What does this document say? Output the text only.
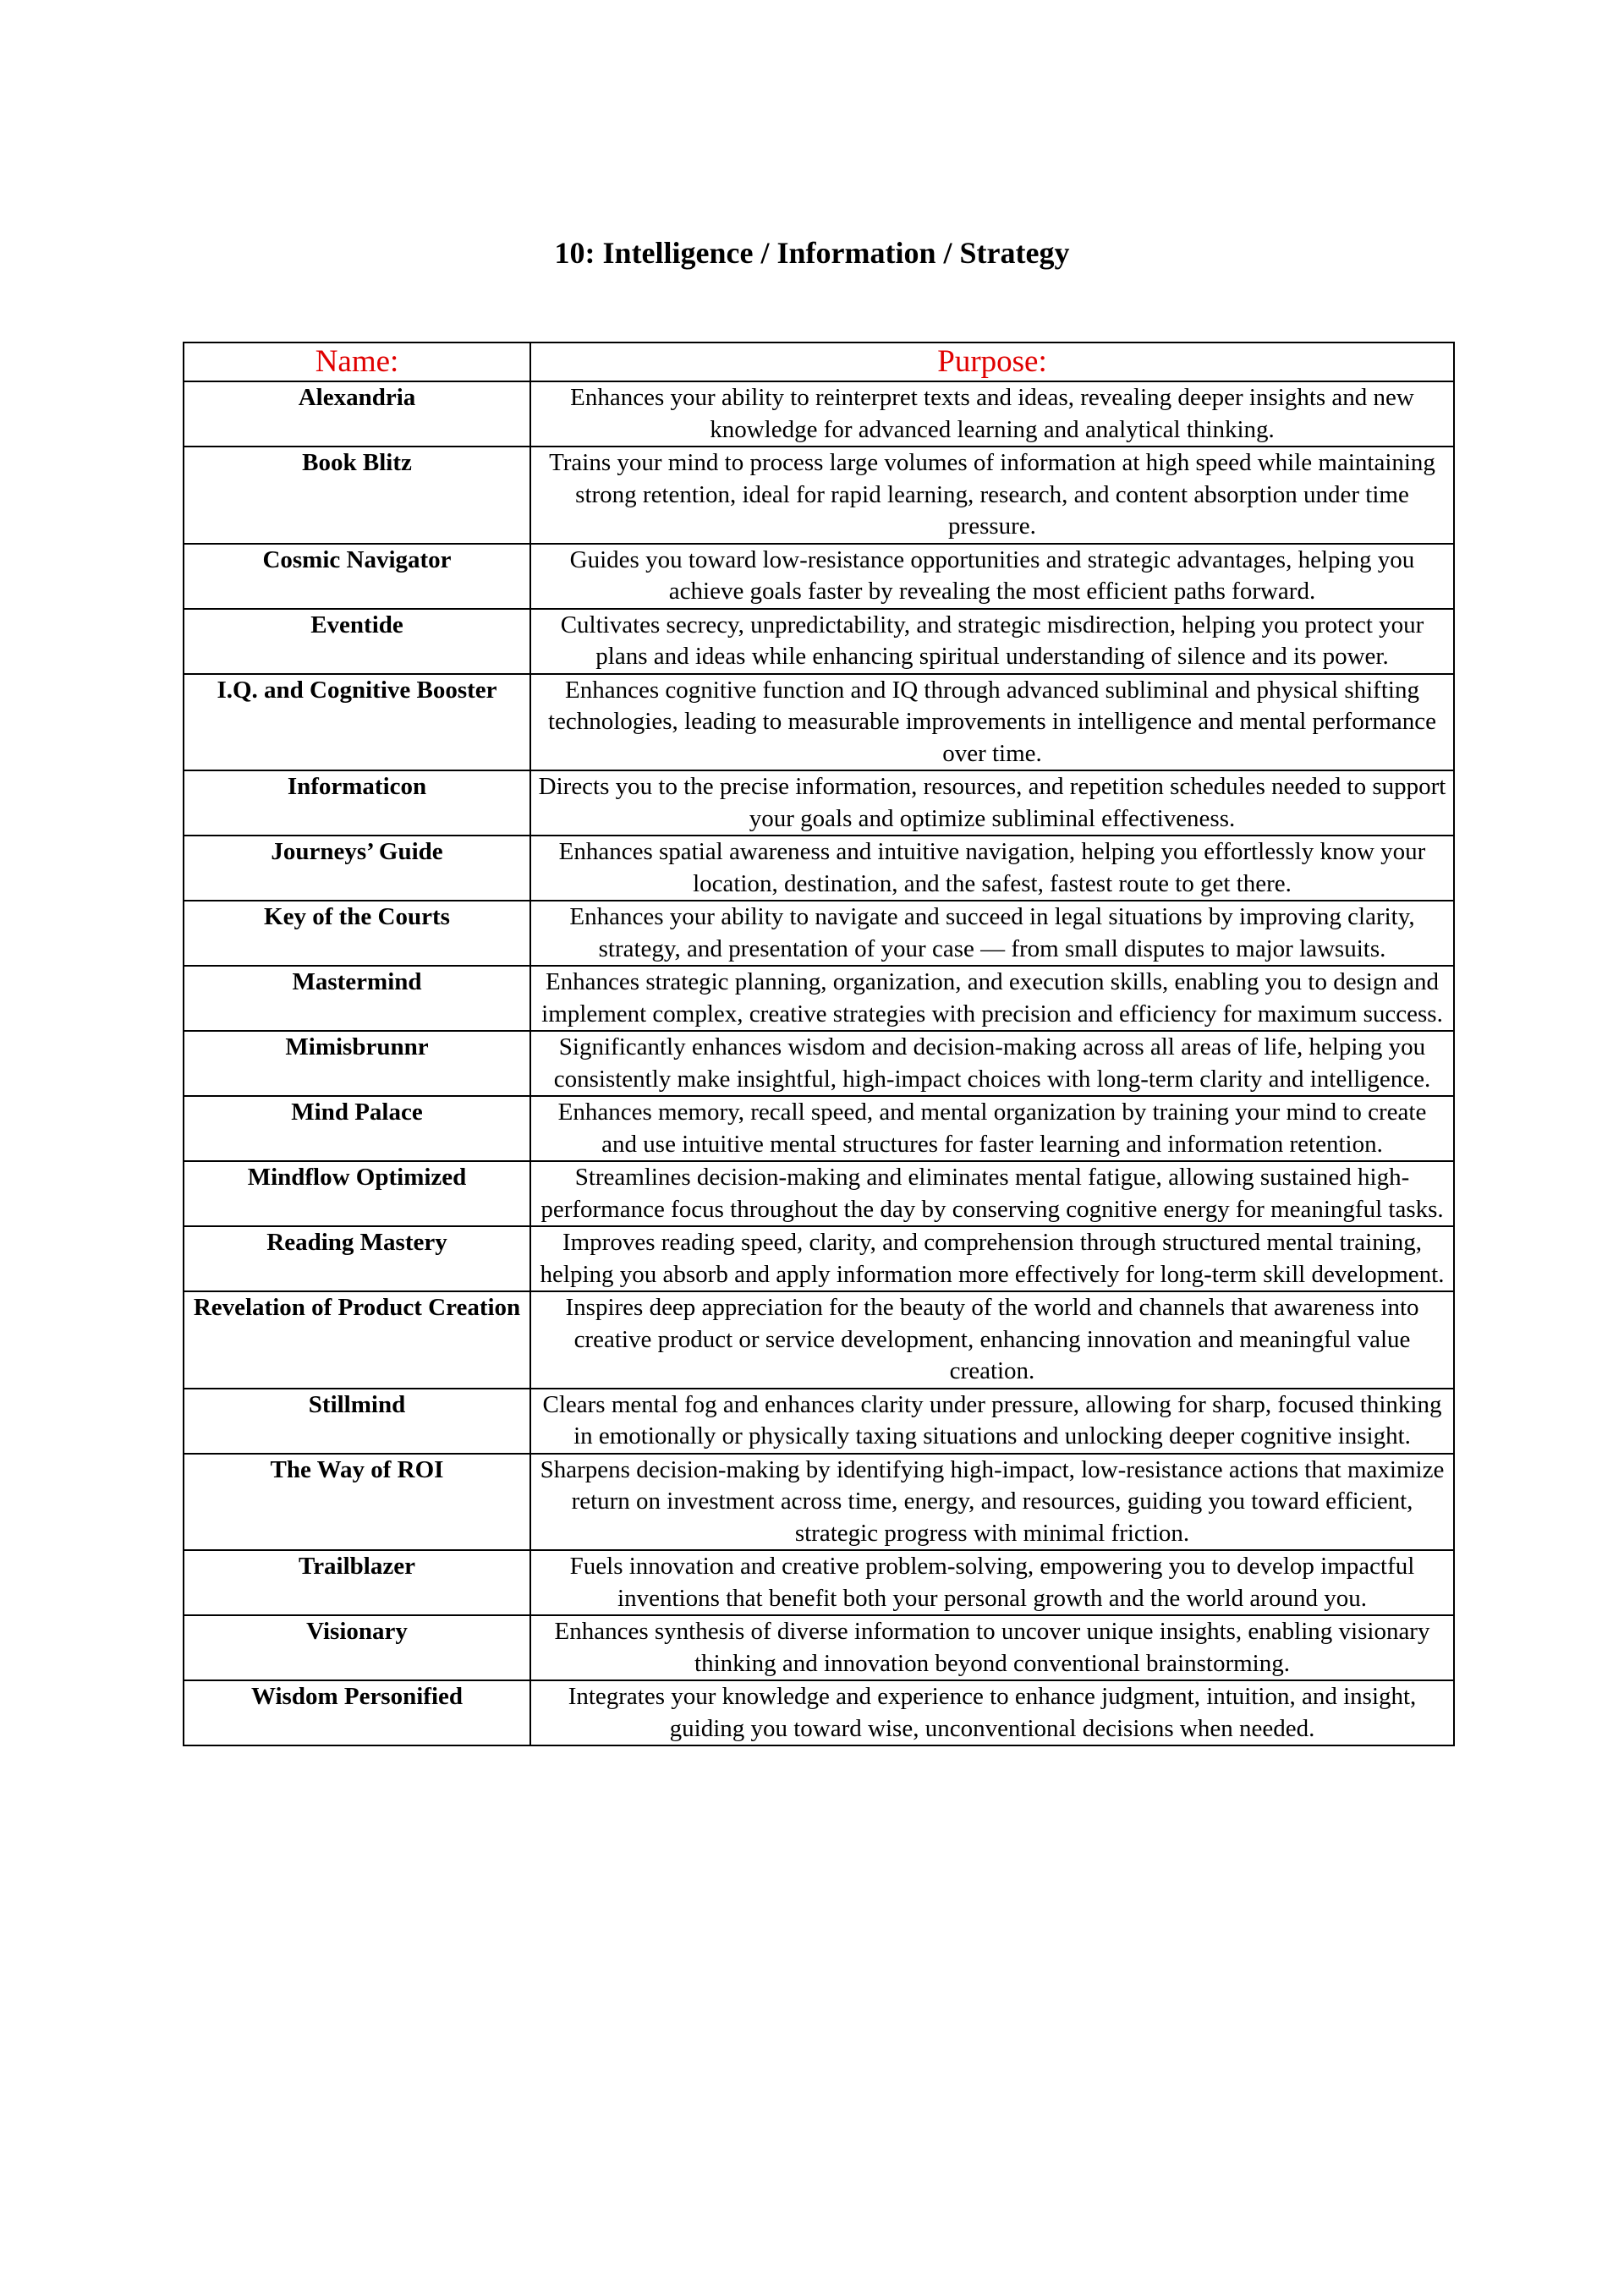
10: Intelligence / Information / Strategy
Name:	Purpose:
Alexandria	Enhances your ability to reinterpret texts and ideas, revealing deeper insights and new knowledge for advanced learning and analytical thinking.
Book Blitz	Trains your mind to process large volumes of information at high speed while maintaining strong retention, ideal for rapid learning, research, and content absorption under time pressure.
Cosmic Navigator	Guides you toward low-resistance opportunities and strategic advantages, helping you achieve goals faster by revealing the most efficient paths forward.
Eventide	Cultivates secrecy, unpredictability, and strategic misdirection, helping you protect your plans and ideas while enhancing spiritual understanding of silence and its power.
I.Q. and Cognitive Booster	Enhances cognitive function and IQ through advanced subliminal and physical shifting technologies, leading to measurable improvements in intelligence and mental performance over time.
Informaticon	Directs you to the precise information, resources, and repetition schedules needed to support your goals and optimize subliminal effectiveness.
Journeys’ Guide	Enhances spatial awareness and intuitive navigation, helping you effortlessly know your location, destination, and the safest, fastest route to get there.
Key of the Courts	Enhances your ability to navigate and succeed in legal situations by improving clarity, strategy, and presentation of your case — from small disputes to major lawsuits.
Mastermind	Enhances strategic planning, organization, and execution skills, enabling you to design and implement complex, creative strategies with precision and efficiency for maximum success.
Mimisbrunnr	Significantly enhances wisdom and decision-making across all areas of life, helping you consistently make insightful, high-impact choices with long-term clarity and intelligence.
Mind Palace	Enhances memory, recall speed, and mental organization by training your mind to create and use intuitive mental structures for faster learning and information retention.
Mindflow Optimized	Streamlines decision-making and eliminates mental fatigue, allowing sustained high-performance focus throughout the day by conserving cognitive energy for meaningful tasks.
Reading Mastery	Improves reading speed, clarity, and comprehension through structured mental training, helping you absorb and apply information more effectively for long-term skill development.
Revelation of Product Creation	Inspires deep appreciation for the beauty of the world and channels that awareness into creative product or service development, enhancing innovation and meaningful value creation.
Stillmind	Clears mental fog and enhances clarity under pressure, allowing for sharp, focused thinking in emotionally or physically taxing situations and unlocking deeper cognitive insight.
The Way of ROI	Sharpens decision-making by identifying high-impact, low-resistance actions that maximize return on investment across time, energy, and resources, guiding you toward efficient, strategic progress with minimal friction.
Trailblazer	Fuels innovation and creative problem-solving, empowering you to develop impactful inventions that benefit both your personal growth and the world around you.
Visionary	Enhances synthesis of diverse information to uncover unique insights, enabling visionary thinking and innovation beyond conventional brainstorming.
Wisdom Personified	Integrates your knowledge and experience to enhance judgment, intuition, and insight, guiding you toward wise, unconventional decisions when needed.
